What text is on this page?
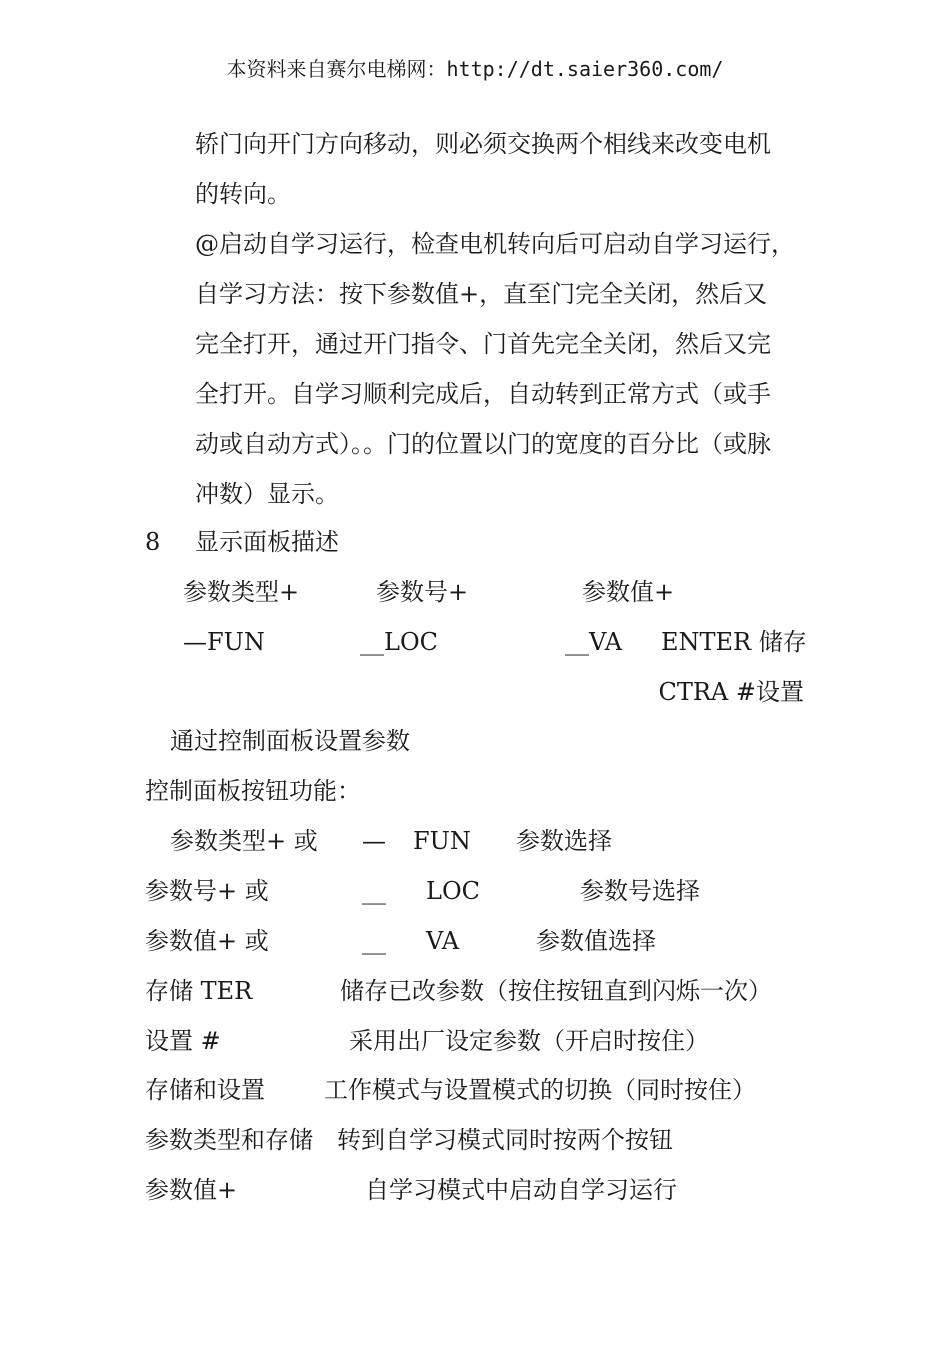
本资料来自赛尔电梯网：http://dt.saier360.com/
轿门向开门方向移动，则必须交换两个相线来改变电机
的转向。
@启动自学习运行，检查电机转向后可启动自学习运行，
自学习方法：按下参数值+，直至门完全关闭，然后又
完全打开，通过开门指令、门首先完全关闭，然后又完
全打开。自学习顺利完成后，自动转到正常方式（或手
动或自动方式）。。门的位置以门的宽度的百分比（或脉
冲数）显示。
8 显示面板描述
参数类型+	参数号+	参数值+
—FUN	__LOC	__VA ENTER 储存
CTRA #设置
通过控制面板设置参数
控制面板按钮功能：
参数类型+ 或 — FUN 参数选择
参数号+ 或	__ LOC	参数号选择
参数值+ 或	__ VA	参数值选择
存储 TER	储存已改参数（按住按钮直到闪烁一次）
设置 #	采用出厂设定参数（开启时按住）
存储和设置 工作模式与设置模式的切换（同时按住）
参数类型和存储 转到自学习模式同时按两个按钮
参数值+	自学习模式中启动自学习运行
